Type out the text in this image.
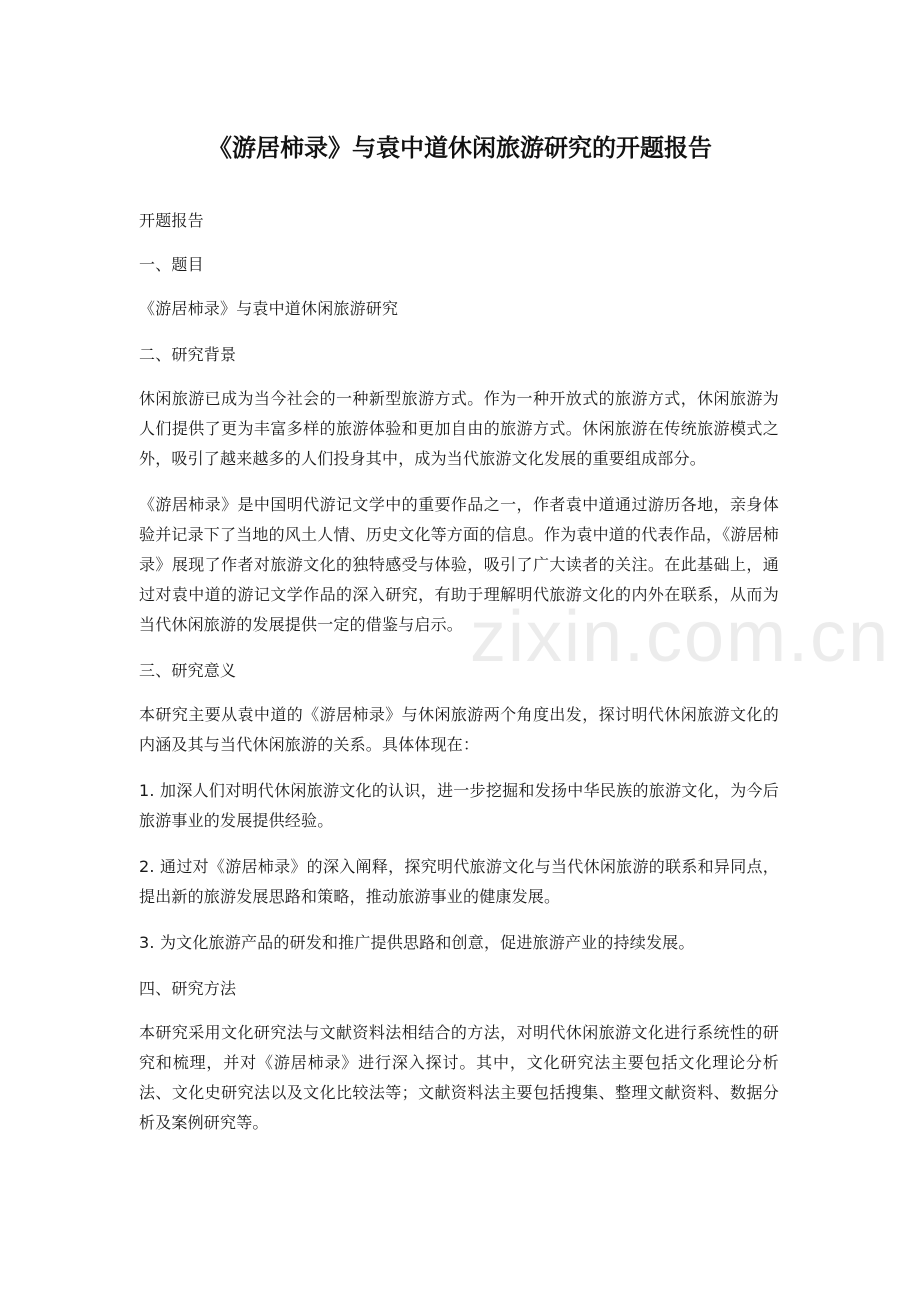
zixin.com.cn
《游居柿录》与袁中道休闲旅游研究的开题报告

开题报告

一、题目

《游居柿录》与袁中道休闲旅游研究

二、研究背景

休闲旅游已成为当今社会的一种新型旅游方式。作为一种开放式的旅游方式，休闲旅游为人们提供了更为丰富多样的旅游体验和更加自由的旅游方式。休闲旅游在传统旅游模式之外，吸引了越来越多的人们投身其中，成为当代旅游文化发展的重要组成部分。

《游居柿录》是中国明代游记文学中的重要作品之一，作者袁中道通过游历各地，亲身体验并记录下了当地的风土人情、历史文化等方面的信息。作为袁中道的代表作品，《游居柿录》展现了作者对旅游文化的独特感受与体验，吸引了广大读者的关注。在此基础上，通过对袁中道的游记文学作品的深入研究，有助于理解明代旅游文化的内外在联系，从而为当代休闲旅游的发展提供一定的借鉴与启示。

三、研究意义

本研究主要从袁中道的《游居柿录》与休闲旅游两个角度出发，探讨明代休闲旅游文化的内涵及其与当代休闲旅游的关系。具体体现在：

1. 加深人们对明代休闲旅游文化的认识，进一步挖掘和发扬中华民族的旅游文化，为今后旅游事业的发展提供经验。

2. 通过对《游居柿录》的深入阐释，探究明代旅游文化与当代休闲旅游的联系和异同点，提出新的旅游发展思路和策略，推动旅游事业的健康发展。

3. 为文化旅游产品的研发和推广提供思路和创意，促进旅游产业的持续发展。

四、研究方法

本研究采用文化研究法与文献资料法相结合的方法，对明代休闲旅游文化进行系统性的研究和梳理，并对《游居柿录》进行深入探讨。其中，文化研究法主要包括文化理论分析法、文化史研究法以及文化比较法等；文献资料法主要包括搜集、整理文献资料、数据分析及案例研究等。
